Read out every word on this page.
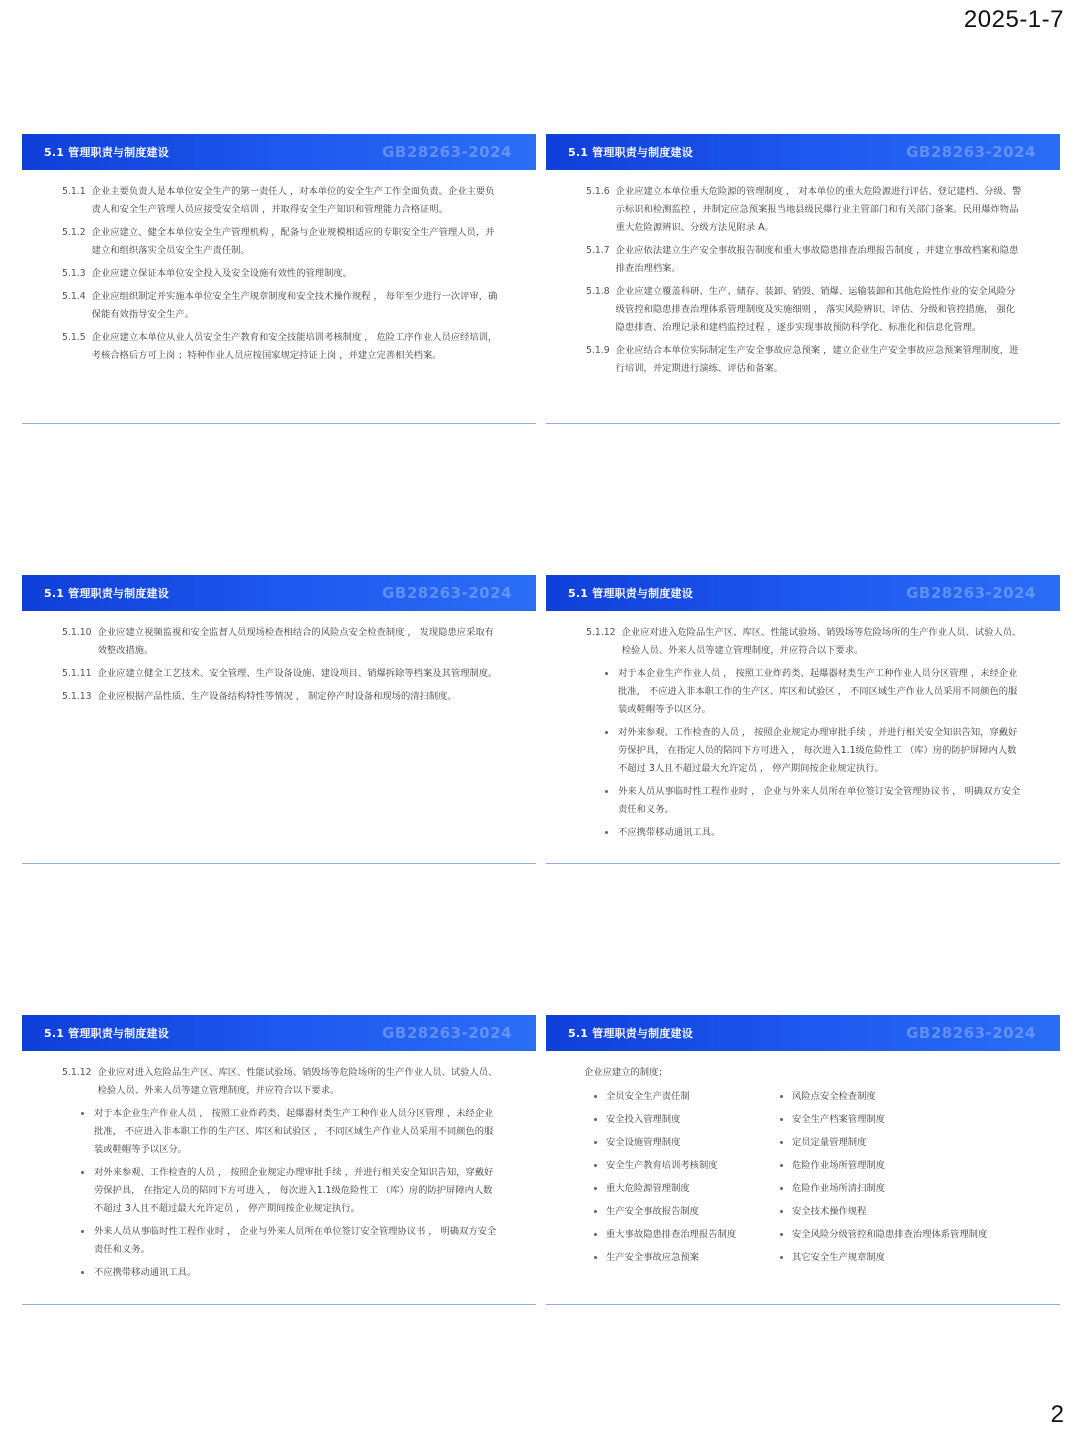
2025-1-7
5.1 管理职责与制度建设	GB28263-2024
5.1.1 企业主要负责人是本单位安全生产的第一责任人 ，对本单位的安全生产工作全面负责。企业主要负责人和安全生产管理人员应接受安全培训 ，并取得安全生产知识和管理能力合格证明。
5.1.2 企业应建立、健全本单位安全生产管理机构 ，配备与企业规模相适应的专职安全生产管理人员，并建立和组织落实全员安全生产责任制。
5.1.3 企业应建立保证本单位安全投入及安全设施有效性的管理制度。
5.1.4 企业应组织制定并实施本单位安全生产规章制度和安全技术操作规程 ， 每年至少进行一次评审，确保能有效指导安全生产。
5.1.5 企业应建立本单位从业人员安全生产教育和安全技能培训考核制度 ， 危险工序作业人员应经培训，考核合格后方可上岗 ；特种作业人员应按国家规定持证上岗 ，并建立完善相关档案。
5.1 管理职责与制度建设	GB28263-2024
5.1.6 企业应建立本单位重大危险源的管理制度 ， 对本单位的重大危险源进行评估、登记建档、分级、警示标识和检测监控 ，并制定应急预案报当地县级民爆行业主管部门和有关部门备案。民用爆炸物品重大危险源辨识、分级方法见附录 A。
5.1.7 企业应依法建立生产安全事故报告制度和重大事故隐患排查治理报告制度 ，并建立事故档案和隐患排查治理档案。
5.1.8 企业应建立覆盖科研、生产、储存、装卸、销毁、销爆、运输装卸和其他危险性作业的安全风险分级管控和隐患排查治理体系管理制度及实施细则 ， 落实风险辨识、评估、分级和管控措施， 强化隐患排查、治理记录和建档监控过程 ，逐步实现事故预防科学化、标准化和信息化管理。
5.1.9 企业应结合本单位实际制定生产安全事故应急预案 ，建立企业生产安全事故应急预案管理制度，进行培训，并定期进行演练、评估和备案。
5.1 管理职责与制度建设	GB28263-2024
5.1.10 企业应建立视频监视和安全监督人员现场检查相结合的风险点安全检查制度 ， 发现隐患应采取有效整改措施。
5.1.11 企业应建立健全工艺技术、安全管理、生产设备设施、建设项目、销爆拆除等档案及其管理制度。
5.1.13 企业应根据产品性质、生产设备结构特性等情况 ， 制定停产时设备和现场的清扫制度。
5.1 管理职责与制度建设	GB28263-2024
5.1.12 企业应对进入危险品生产区、库区、性能试验场、销毁场等危险场所的生产作业人员、试验人员、检验人员、外来人员等建立管理制度，并应符合以下要求。
对于本企业生产作业人员 ， 按照工业炸药类、起爆器材类生产工种作业人员分区管理 ，未经企业批准， 不应进入非本职工作的生产区、库区和试验区 ， 不同区域生产作业人员采用不同颜色的服装或鞋帽等予以区分。
对外来参观、工作检查的人员 ， 按照企业规定办理审批手续 ，并进行相关安全知识告知，穿戴好劳保护具， 在指定人员的陪同下方可进入 ， 每次进入1.1级危险性工 （库）房的防护屏障内人数不超过 3人且不超过最大允许定员 ， 停产期间按企业规定执行。
外来人员从事临时性工程作业时 ， 企业与外来人员所在单位签订安全管理协议书 ， 明确双方安全责任和义务。
不应携带移动通讯工具。
5.1 管理职责与制度建设	GB28263-2024
5.1.12 企业应对进入危险品生产区、库区、性能试验场、销毁场等危险场所的生产作业人员、试验人员、检验人员、外来人员等建立管理制度，并应符合以下要求。
对于本企业生产作业人员 ， 按照工业炸药类、起爆器材类生产工种作业人员分区管理 ，未经企业批准， 不应进入非本职工作的生产区、库区和试验区 ， 不同区域生产作业人员采用不同颜色的服装或鞋帽等予以区分。
对外来参观、工作检查的人员 ， 按照企业规定办理审批手续 ，并进行相关安全知识告知，穿戴好劳保护具， 在指定人员的陪同下方可进入 ， 每次进入1.1级危险性工 （库）房的防护屏障内人数不超过 3人且不超过最大允许定员 ， 停产期间按企业规定执行。
外来人员从事临时性工程作业时 ， 企业与外来人员所在单位签订安全管理协议书 ， 明确双方安全责任和义务。
不应携带移动通讯工具。
5.1 管理职责与制度建设	GB28263-2024
企业应建立的制度；
全员安全生产责任制
安全投入管理制度
安全设施管理制度
安全生产教育培训考核制度
重大危险源管理制度
生产安全事故报告制度
重大事故隐患排查治理报告制度
生产安全事故应急预案
风险点安全检查制度
安全生产档案管理制度
定员定量管理制度
危险作业场所管理制度
危险作业场所清扫制度
安全技术操作规程
安全风险分级管控和隐患排查治理体系管理制度
其它安全生产规章制度
2
